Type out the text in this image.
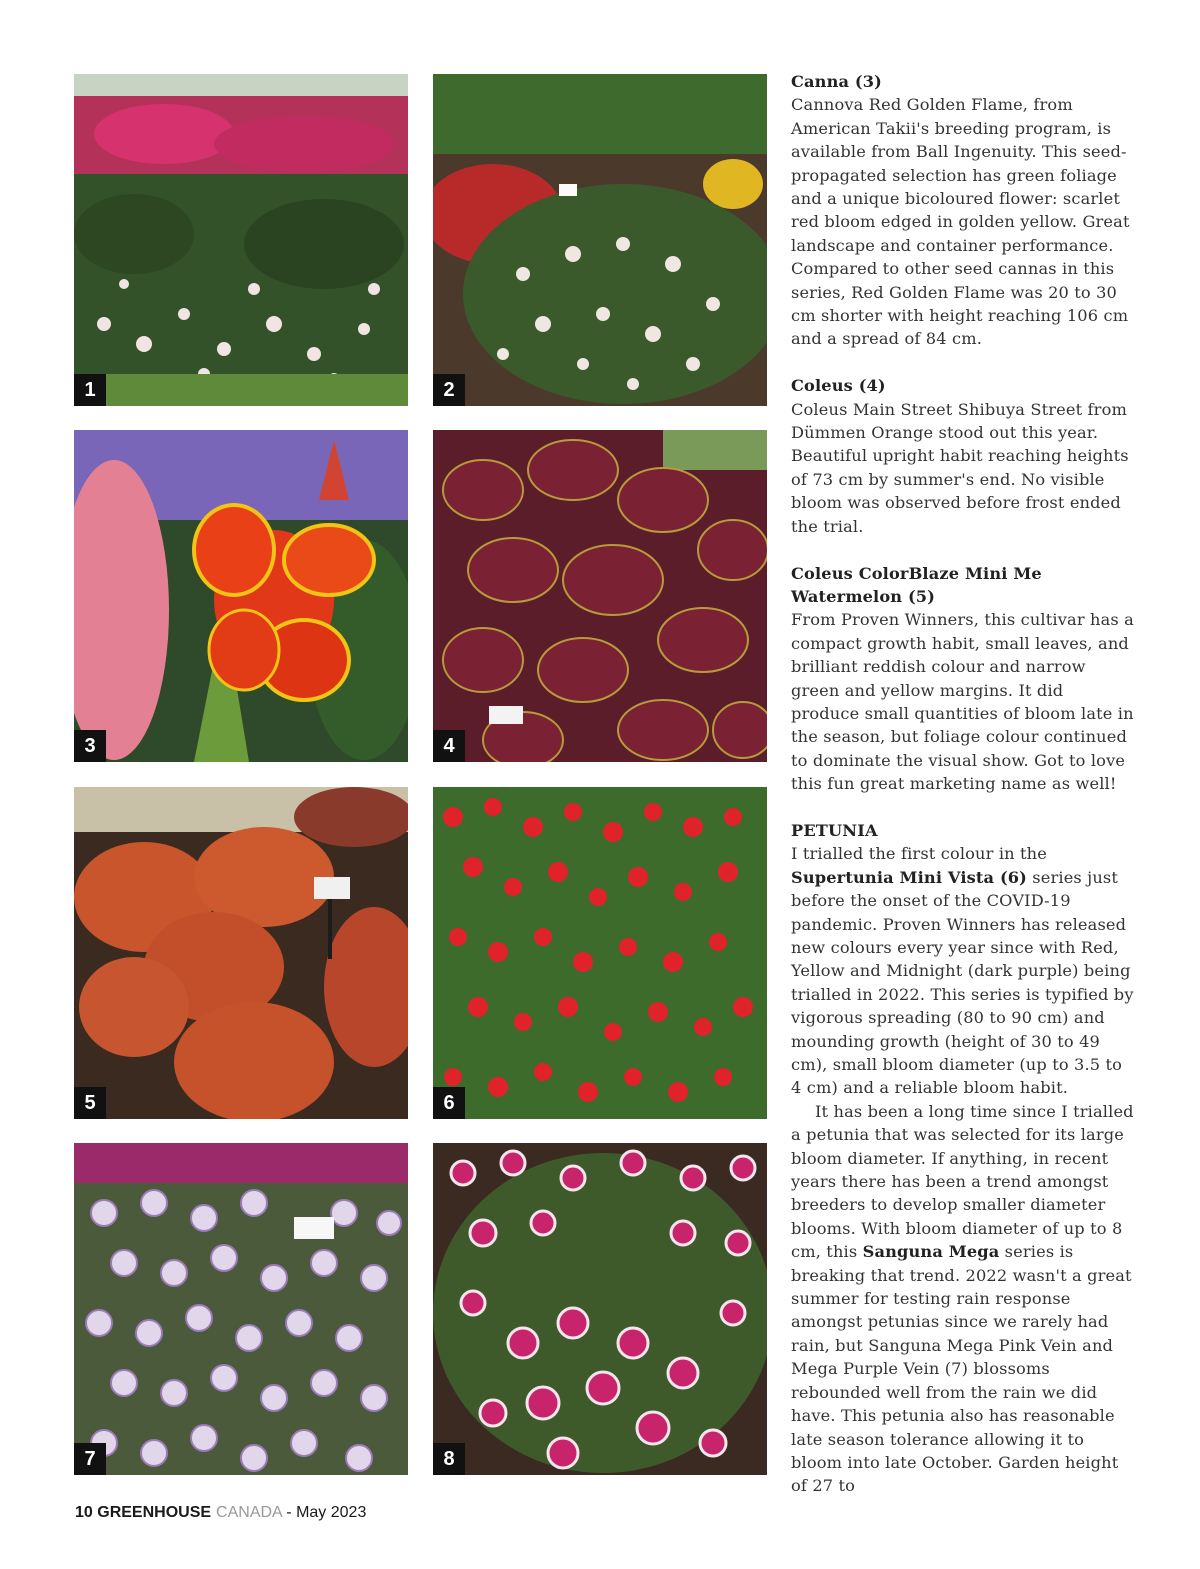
1	2
3	4
5	6
7	8

Canna (3)

Cannova Red Golden Flame, from American Takii's breeding program, is available from Ball Ingenuity. This seed-propagated selection has green foliage and a unique bicoloured flower: scarlet red bloom edged in golden yellow. Great landscape and container performance. Compared to other seed cannas in this series, Red Golden Flame was 20 to 30 cm shorter with height reaching 106 cm and a spread of 84 cm.

Coleus (4)

Coleus Main Street Shibuya Street from Dümmen Orange stood out this year. Beautiful upright habit reaching heights of 73 cm by summer's end. No visible bloom was observed before frost ended the trial.

Coleus ColorBlaze Mini Me Watermelon (5)

From Proven Winners, this cultivar has a compact growth habit, small leaves, and brilliant reddish colour and narrow green and yellow margins. It did produce small quantities of bloom late in the season, but foliage colour continued to dominate the visual show. Got to love this fun great marketing name as well!

PETUNIA

I trialled the first colour in the Supertunia Mini Vista (6) series just before the onset of the COVID-19 pandemic. Proven Winners has released new colours every year since with Red, Yellow and Midnight (dark purple) being trialled in 2022. This series is typified by vigorous spreading (80 to 90 cm) and mounding growth (height of 30 to 49 cm), small bloom diameter (up to 3.5 to 4 cm) and a reliable bloom habit.

It has been a long time since I trialled a petunia that was selected for its large bloom diameter. If anything, in recent years there has been a trend amongst breeders to develop smaller diameter blooms. With bloom diameter of up to 8 cm, this Sanguna Mega series is breaking that trend. 2022 wasn't a great summer for testing rain response amongst petunias since we rarely had rain, but Sanguna Mega Pink Vein and Mega Purple Vein (7) blossoms rebounded well from the rain we did have. This petunia also has reasonable late season tolerance allowing it to bloom into late October. Garden height of 27 to

10 GREENHOUSE CANADA - May 2023
